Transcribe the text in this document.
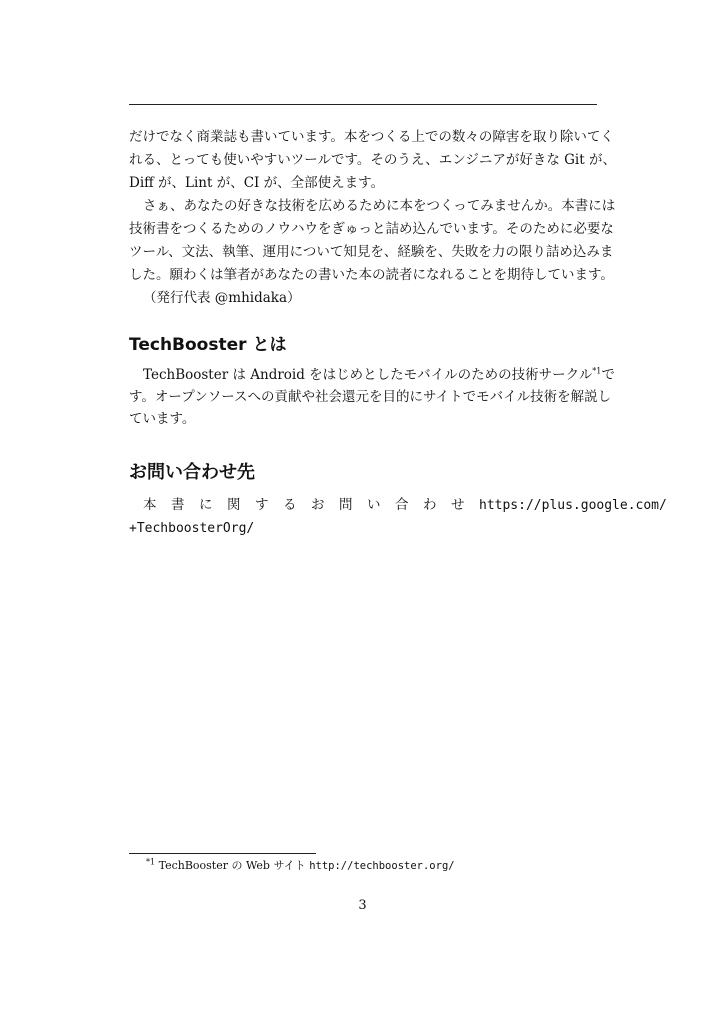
だけでなく商業誌も書いています。本をつくる上での数々の障害を取り除いてく

れる、とっても使いやすいツールです。そのうえ、エンジニアが好きな Git が、

Diff が、Lint が、CI が、全部使えます。

さぁ、あなたの好きな技術を広めるために本をつくってみませんか。本書には

技術書をつくるためのノウハウをぎゅっと詰め込んでいます。そのために必要な

ツール、文法、執筆、運用について知見を、経験を、失敗を力の限り詰め込みま

した。願わくは筆者があなたの書いた本の読者になれることを期待しています。

（発行代表 @mhidaka）

TechBooster とは

TechBooster は Android をはじめとしたモバイルのための技術サークル$^{*1}$で

す。オープンソースへの貢献や社会還元を目的にサイトでモバイル技術を解説し

ています。

お問い合わせ先
本書に関するお問い合わせ https://plus.google.com/
+TechboosterOrg/
$^{*1}$ TechBooster の Web サイト http://techbooster.org/
3
